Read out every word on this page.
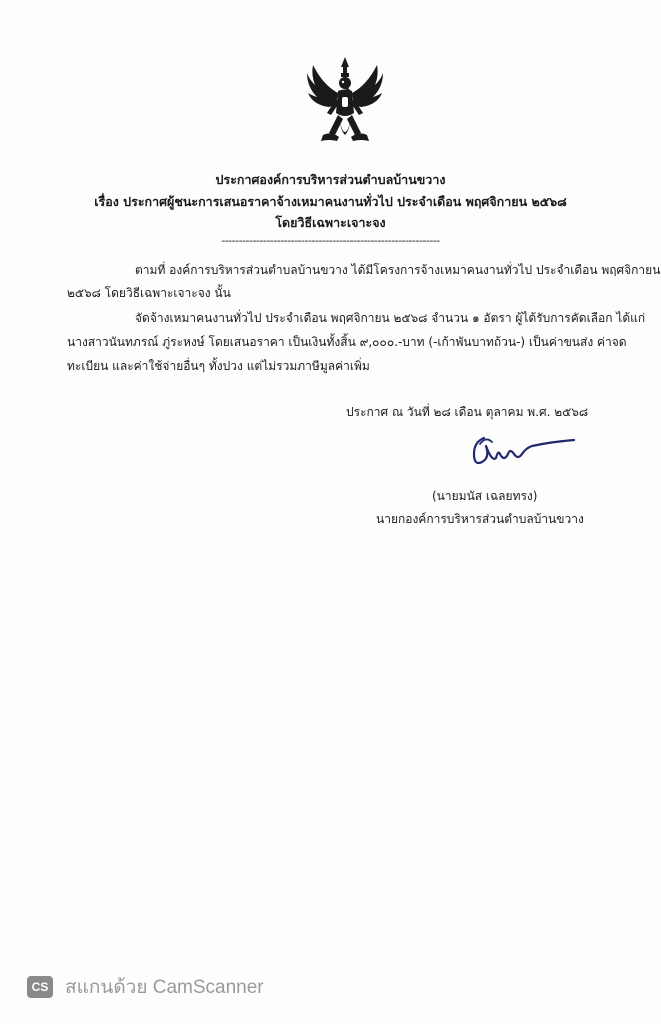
ประกาศองค์การบริหารส่วนตำบลบ้านขวาง
เรื่อง ประกาศผู้ชนะการเสนอราคาจ้างเหมาคนงานทั่วไป ประจำเดือน พฤศจิกายน ๒๕๖๘
โดยวิธีเฉพาะเจาะจง
---------------------------------------------------------------
ตามที่ องค์การบริหารส่วนตำบลบ้านขวาง ได้มีโครงการจ้างเหมาคนงานทั่วไป ประจำเดือน พฤศจิกายน
๒๕๖๘ โดยวิธีเฉพาะเจาะจง นั้น
จัดจ้างเหมาคนงานทั่วไป ประจำเดือน พฤศจิกายน ๒๕๖๘ จำนวน ๑ อัตรา ผู้ได้รับการคัดเลือก ได้แก่
นางสาวนันทภรณ์ ภู่ระหงษ์ โดยเสนอราคา เป็นเงินทั้งสิ้น ๙,๐๐๐.-บาท (-เก้าพันบาทถ้วน-) เป็นค่าขนส่ง ค่าจด
ทะเบียน และค่าใช้จ่ายอื่นๆ ทั้งปวง แต่ไม่รวมภาษีมูลค่าเพิ่ม
ประกาศ ณ วันที่ ๒๘ เดือน ตุลาคม พ.ศ. ๒๕๖๘
(นายมนัส เฉลยทรง)
นายกองค์การบริหารส่วนตำบลบ้านขวาง
CS สแกนด้วย CamScanner
